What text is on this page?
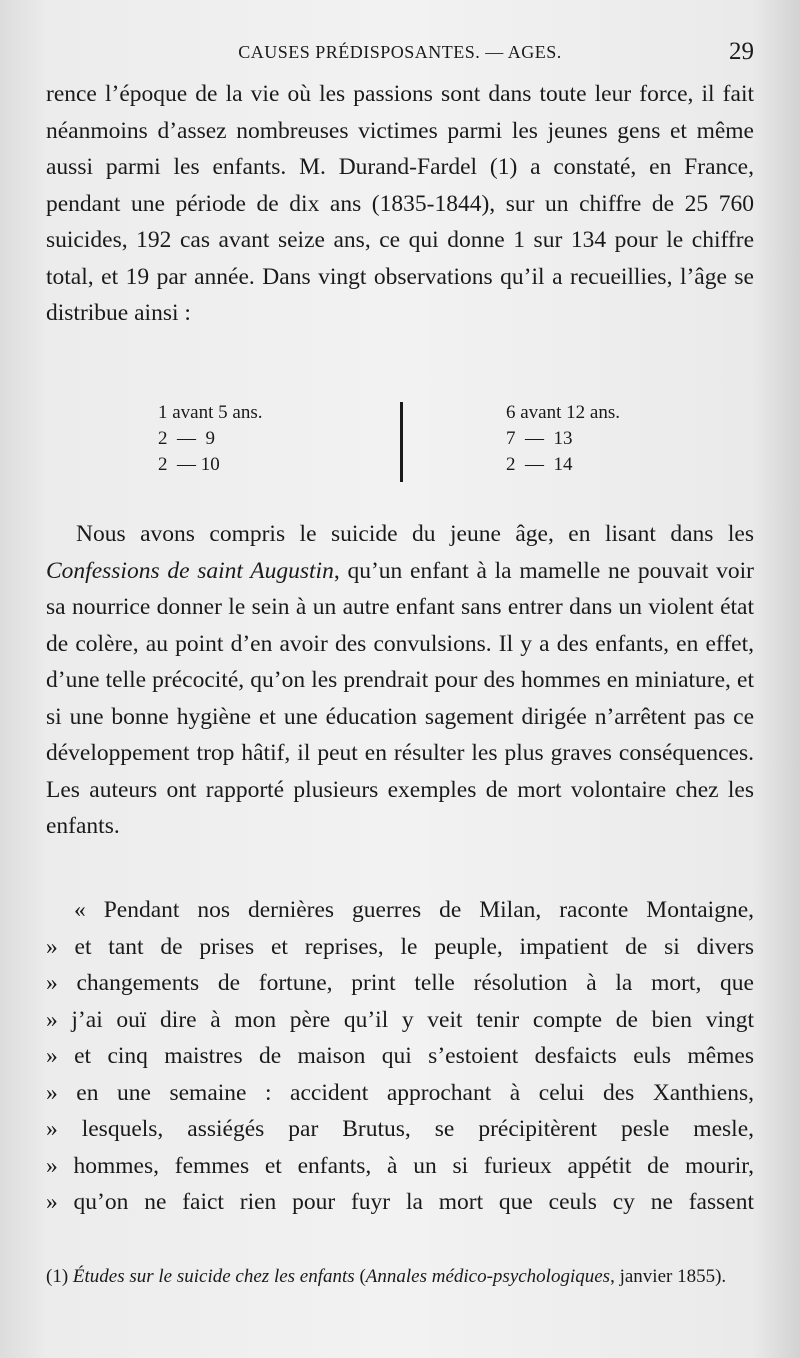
CAUSES PRÉDISPOSANTES. — AGES.	29

rence l’époque de la vie où les passions sont dans toute leur force, il fait néanmoins d’assez nombreuses victimes parmi les jeunes gens et même aussi parmi les enfants. M. Durand-Fardel (1) a constaté, en France, pendant une période de dix ans (1835-1844), sur un chiffre de 25 760 suicides, 192 cas avant seize ans, ce qui donne 1 sur 134 pour le chiffre total, et 19 par année. Dans vingt observations qu’il a recueillies, l’âge se distribue ainsi :

1 avant 5 ans.
2  —  9
2  — 10
6 avant 12 ans.
7  —  13
2  —  14

Nous avons compris le suicide du jeune âge, en lisant dans les Confessions de saint Augustin, qu’un enfant à la mamelle ne pouvait voir sa nourrice donner le sein à un autre enfant sans entrer dans un violent état de colère, au point d’en avoir des convulsions. Il y a des enfants, en effet, d’une telle précocité, qu’on les prendrait pour des hommes en miniature, et si une bonne hygiène et une éducation sagement dirigée n’arrêtent pas ce développement trop hâtif, il peut en résulter les plus graves conséquences. Les auteurs ont rapporté plusieurs exemples de mort volontaire chez les enfants.

« Pendant nos dernières guerres de Milan, raconte Montaigne,
» et tant de prises et reprises, le peuple, impatient de si divers
» changements de fortune, print telle résolution à la mort, que
» j’ai ouï dire à mon père qu’il y veit tenir compte de bien vingt
» et cinq maistres de maison qui s’estoient desfaicts euls mêmes
» en une semaine : accident approchant à celui des Xanthiens,
» lesquels, assiégés par Brutus, se précipitèrent pesle mesle,
» hommes, femmes et enfants, à un si furieux appétit de mourir,
» qu’on ne faict rien pour fuyr la mort que ceuls cy ne fassent
(1) Études sur le suicide chez les enfants (Annales médico-psychologiques, janvier 1855).
